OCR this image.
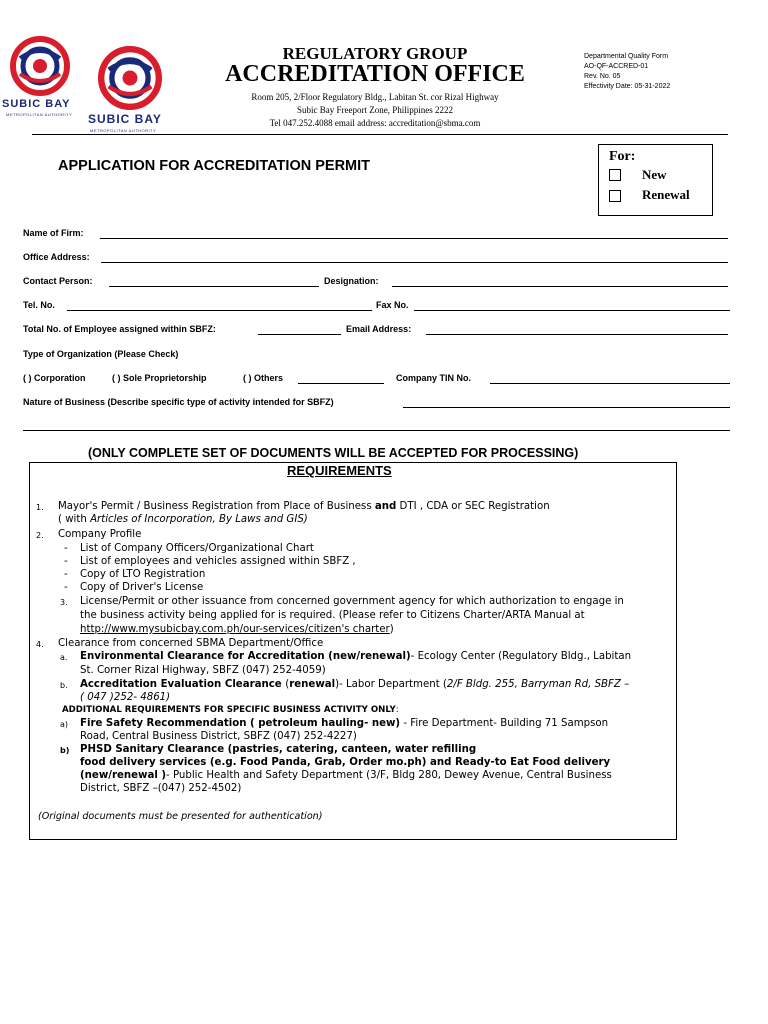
SUBIC BAY
METROPOLITAN AUTHORITY SUBIC BAY
METROPOLITAN AUTHORITY
REGULATORY GROUP
ACCREDITATION OFFICE
Room 205, 2/Floor Regulatory Bldg., Labitan St. cor Rizal Highway
Subic Bay Freeport Zone, Philippines 2222
Tel 047.252.4088 email address: accreditation@sbma.com
Departmental Quality Form
AO-QF-ACCRED-01
Rev. No. 05
Effectivity Date: 05-31-2022
APPLICATION FOR ACCREDITATION PERMIT
For:
New
Renewal
Name of Firm:
Office Address:
Contact Person:	Designation:
Tel. No.	Fax No.
Total No. of Employee assigned within SBFZ:	Email Address:
Type of Organization (Please Check)
( ) Corporation	( ) Sole Proprietorship	( ) Others	Company TIN No.
Nature of Business (Describe specific type of activity intended for SBFZ)
(ONLY COMPLETE SET OF DOCUMENTS WILL BE ACCEPTED FOR PROCESSING)
REQUIREMENTS
1. Mayor's Permit / Business Registration from Place of Business and DTI , CDA or SEC Registration
( with Articles of Incorporation, By Laws and GIS)
2. Company Profile
- List of Company Officers/Organizational Chart
- List of employees and vehicles assigned within SBFZ ,
- Copy of LTO Registration
- Copy of Driver's License
3. License/Permit or other issuance from concerned government agency for which authorization to engage in
the business activity being applied for is required. (Please refer to Citizens Charter/ARTA Manual at
http://www.mysubicbay.com.ph/our-services/citizen's charter)
4. Clearance from concerned SBMA Department/Office
a. Environmental Clearance for Accreditation (new/renewal)- Ecology Center (Regulatory Bldg., Labitan
St. Corner Rizal Highway, SBFZ (047) 252-4059)
b. Accreditation Evaluation Clearance (renewal)- Labor Department (2/F Bldg. 255, Barryman Rd, SBFZ –
( 047 )252- 4861)
ADDITIONAL REQUIREMENTS FOR SPECIFIC BUSINESS ACTIVITY ONLY:
a) Fire Safety Recommendation ( petroleum hauling- new) - Fire Department- Building 71 Sampson
Road, Central Business District, SBFZ (047) 252-4227)
b) PHSD Sanitary Clearance (pastries, catering, canteen, water refilling
food delivery services (e.g. Food Panda, Grab, Order mo.ph) and Ready-to Eat Food delivery
(new/renewal )- Public Health and Safety Department (3/F, Bldg 280, Dewey Avenue, Central Business
District, SBFZ –(047) 252-4502)
(Original documents must be presented for authentication)
